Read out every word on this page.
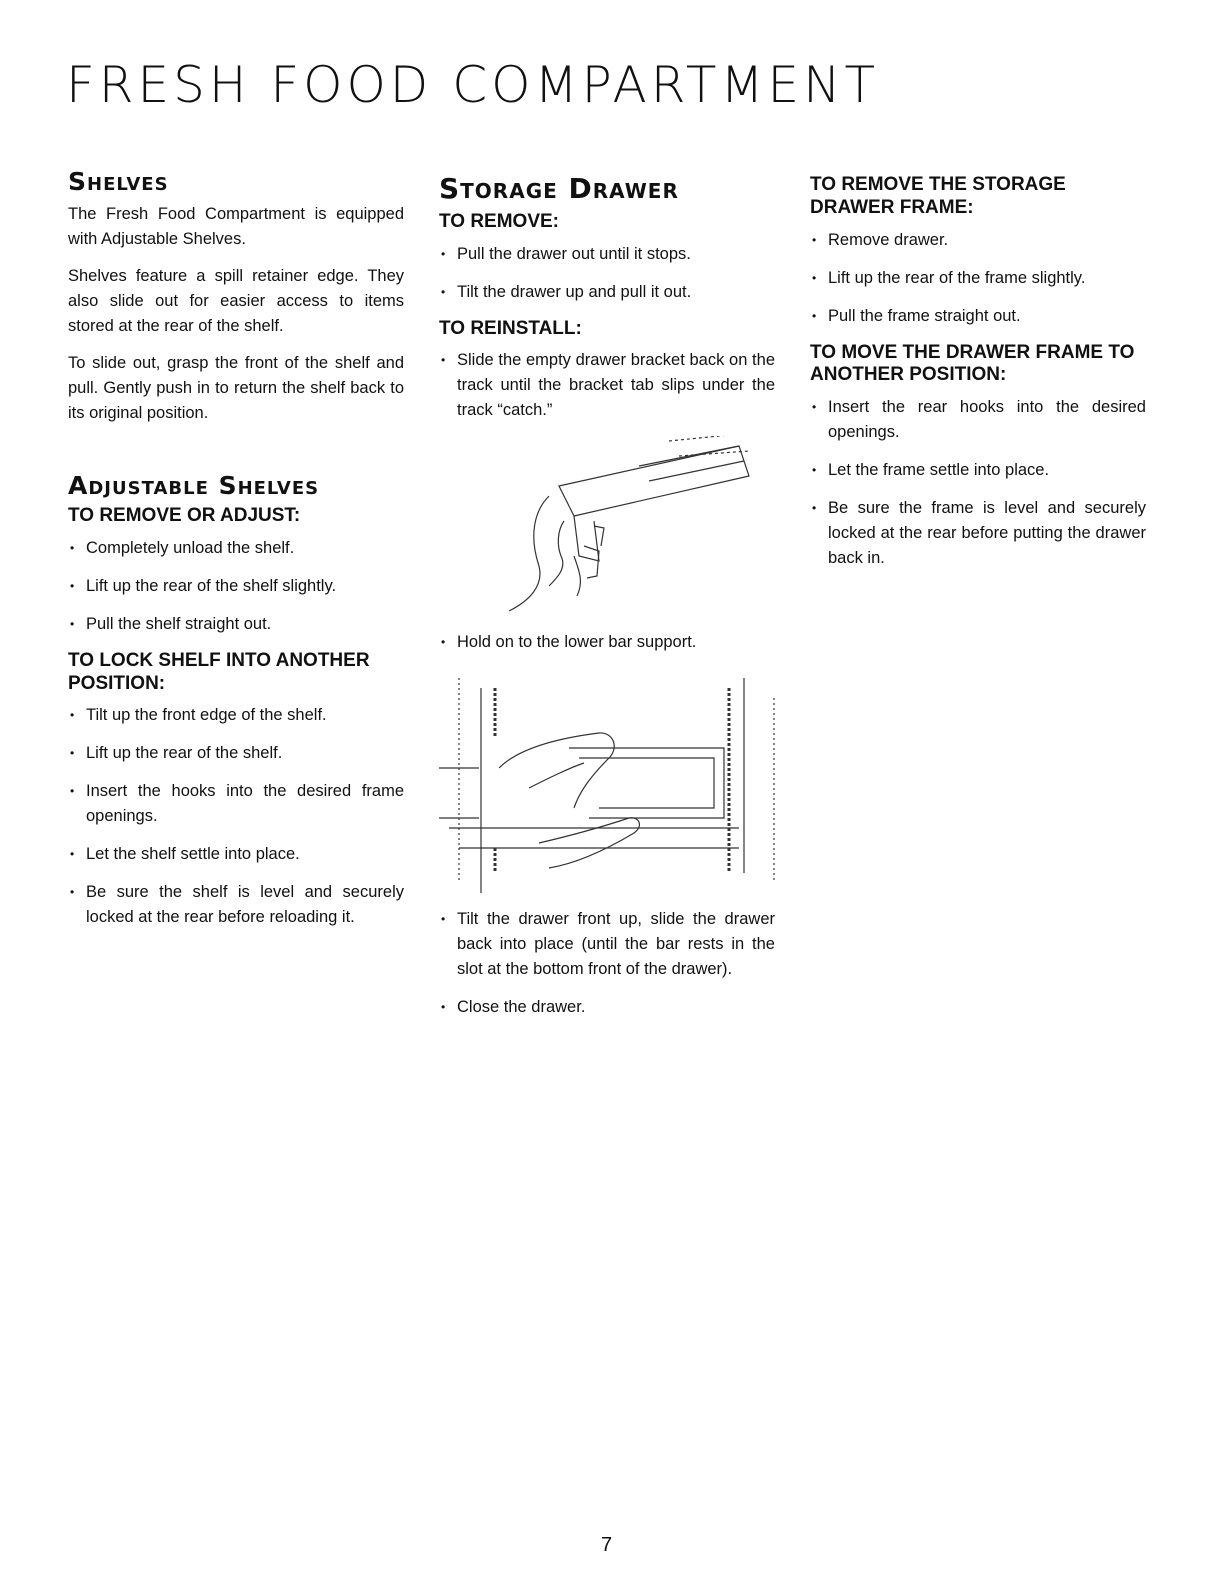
FRESH FOOD COMPARTMENT
Shelves

The Fresh Food Compartment is equipped with Adjustable Shelves.

Shelves feature a spill retainer edge. They also slide out for easier access to items stored at the rear of the shelf.

To slide out, grasp the front of the shelf and pull. Gently push in to return the shelf back to its original position.

Adjustable Shelves
TO REMOVE OR ADJUST:
• Completely unload the shelf.
• Lift up the rear of the shelf slightly.
• Pull the shelf straight out.
TO LOCK SHELF INTO ANOTHER POSITION:
• Tilt up the front edge of the shelf.
• Lift up the rear of the shelf.
• Insert the hooks into the desired frame openings.
• Let the shelf settle into place.
• Be sure the shelf is level and securely locked at the rear before reloading it.
Storage Drawer
TO REMOVE:
• Pull the drawer out until it stops.
• Tilt the drawer up and pull it out.
TO REINSTALL:
• Slide the empty drawer bracket back on the track until the bracket tab slips under the track “catch.”
• Hold on to the lower bar support.
• Tilt the drawer front up, slide the drawer back into place (until the bar rests in the slot at the bottom front of the drawer).
• Close the drawer.
TO REMOVE THE STORAGE DRAWER FRAME:
• Remove drawer.
• Lift up the rear of the frame slightly.
• Pull the frame straight out.
TO MOVE THE DRAWER FRAME TO ANOTHER POSITION:
• Insert the rear hooks into the desired openings.
• Let the frame settle into place.
• Be sure the frame is level and securely locked at the rear before putting the drawer back in.

7
